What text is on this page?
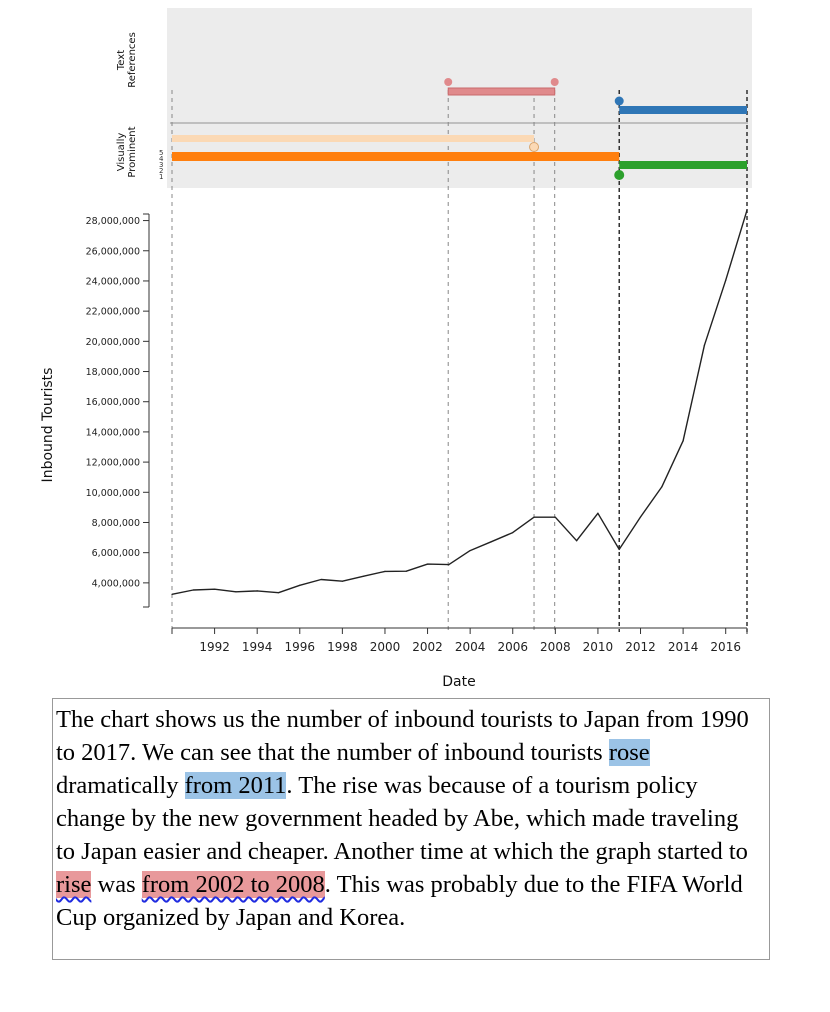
Text References
Visually Prominent	1
2
3
4
5
4,000,000
6,000,000
8,000,000
10,000,000
12,000,000
14,000,000
16,000,000
18,000,000
20,000,000
22,000,000
24,000,000
26,000,000
28,000,000
1992 1994 1996 1998 2000 2002 2004 2006 2008 2010 2012 2014 2016
Inbound Tourists
Date
The chart shows us the number of inbound tourists to Japan from 1990 to 2017. We can see that the number of inbound tourists rose dramatically from 2011. The rise was because of a tourism policy change by the new government headed by Abe, which made traveling to Japan easier and cheaper. Another time at which the graph started to rise was from 2002 to 2008. This was probably due to the FIFA World Cup organized by Japan and Korea.
